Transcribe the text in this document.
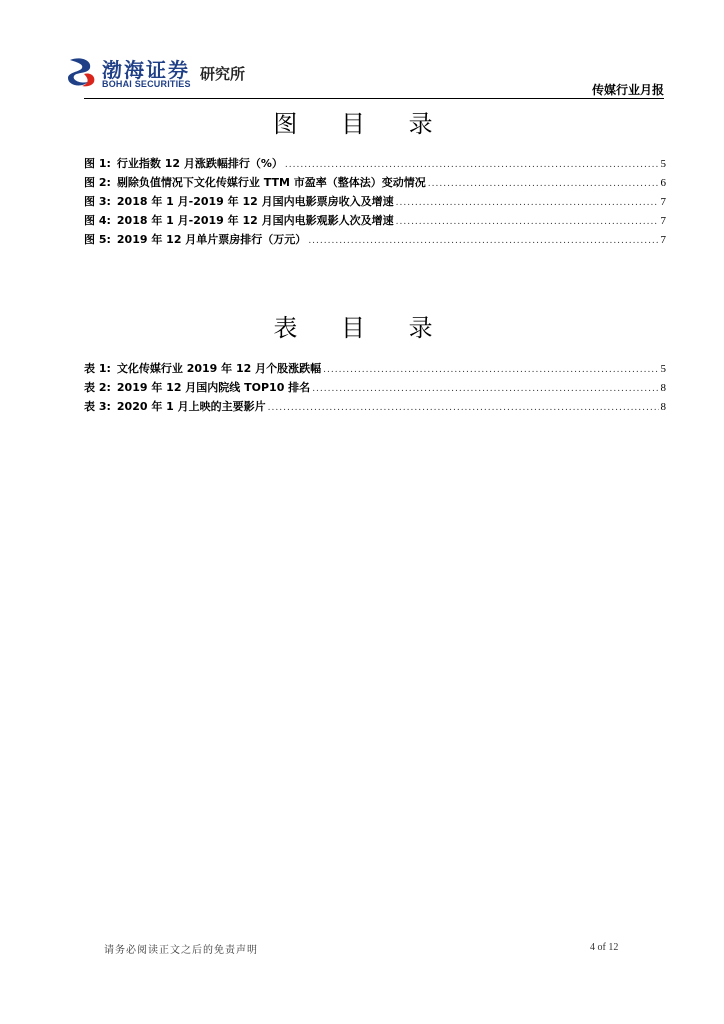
渤海证券
BOHAI SECURITIES
研究所
传媒行业月报
图 目 录
图 1: 行业指数 12 月涨跌幅排行（%） .....	5
图 2: 剔除负值情况下文化传媒行业 TTM 市盈率（整体法）变动情况 .....	6
图 3: 2018 年 1 月-2019 年 12 月国内电影票房收入及增速 .....	7
图 4: 2018 年 1 月-2019 年 12 月国内电影观影人次及增速 .....	7
图 5: 2019 年 12 月单片票房排行（万元） .....	7
表 目 录
表 1: 文化传媒行业 2019 年 12 月个股涨跌幅 .....	5
表 2: 2019 年 12 月国内院线 TOP10 排名 .....	8
表 3: 2020 年 1 月上映的主要影片 .....	8
请务必阅读正文之后的免责声明	4 of 12
